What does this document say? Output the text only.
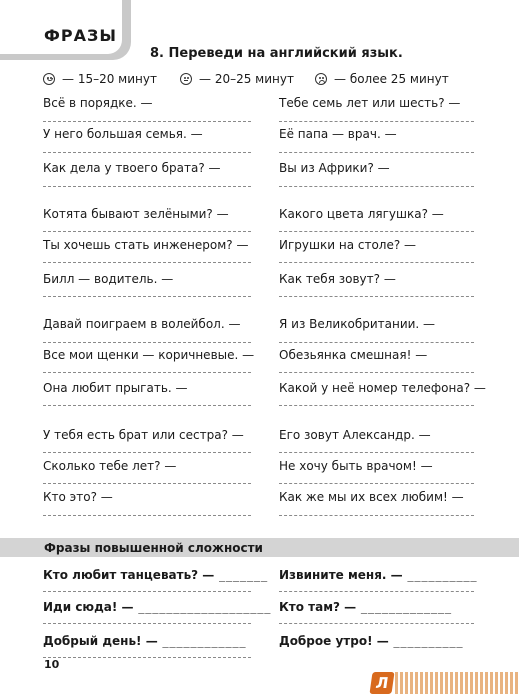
ФРАЗЫ
8. Переведи на английский язык.
— 15–20 минут	— 20–25 минут	— более 25 минут
Всё в порядке. —
У него большая семья. —
Как дела у твоего брата? —
Котята бывают зелёными? —
Ты хочешь стать инженером? —
Билл — водитель. —
Давай поиграем в волейбол. —
Все мои щенки — коричневые. —
Она любит прыгать. —
У тебя есть брат или сестра? —
Сколько тебе лет? —
Кто это? —
Тебе семь лет или шесть? —
Её папа — врач. —
Вы из Африки? —
Какого цвета лягушка? —
Игрушки на столе? —
Как тебя зовут? —
Я из Великобритании. —
Обезьянка смешная! —
Какой у неё номер телефона? —
Его зовут Александр. —
Не хочу быть врачом! —
Как же мы их всех любим! —
Фразы повышенной сложности
Кто любит танцевать? — _______
Иди сюда! — ___________________
Добрый день! — ____________
Извините меня. — __________
Кто там? — _____________
Доброе утро! — __________
10
Л
